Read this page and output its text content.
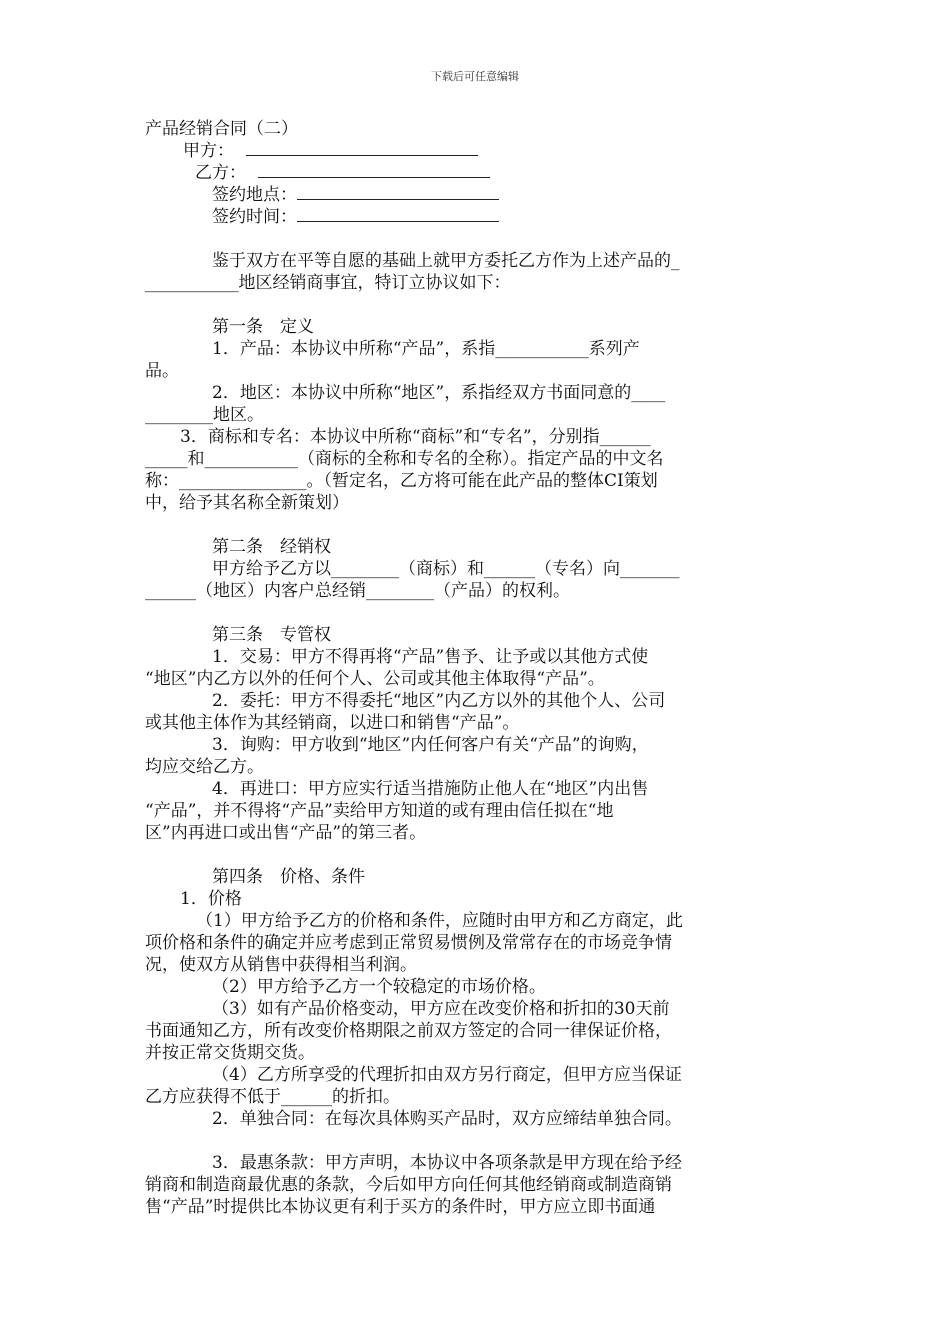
下载后可任意编辑
产品经销合同（二）
甲方：
乙方：
签约地点：
签约时间：
鉴于双方在平等自愿的基础上就甲方委托乙方作为上述产品的_
___________地区经销商事宜，特订立协议如下：
第一条　定义
1．产品：本协议中所称“产品”，系指___________系列产
品。
2．地区：本协议中所称“地区”，系指经双方书面同意的____
________地区。
3．商标和专名：本协议中所称“商标”和“专名”，分别指______
_____和___________（商标的全称和专名的全称）。指定产品的中文名
称：_______________。（暂定名，乙方将可能在此产品的整体CI策划
中，给予其名称全新策划）
第二条　经销权
甲方给予乙方以________（商标）和______（专名）向_______
______（地区）内客户总经销________（产品）的权利。
第三条　专管权
1．交易：甲方不得再将“产品”售予、让予或以其他方式使
“地区”内乙方以外的任何个人、公司或其他主体取得“产品”。
2．委托：甲方不得委托“地区”内乙方以外的其他个人、公司
或其他主体作为其经销商，以进口和销售“产品”。
3．询购：甲方收到“地区”内任何客户有关“产品”的询购，
均应交给乙方。
4．再进口：甲方应实行适当措施防止他人在“地区”内出售
“产品”，并不得将“产品”卖给甲方知道的或有理由信任拟在“地
区”内再进口或出售“产品”的第三者。
第四条　价格、条件
1．价格
（1）甲方给予乙方的价格和条件，应随时由甲方和乙方商定，此
项价格和条件的确定并应考虑到正常贸易惯例及常常存在的市场竞争情
况，使双方从销售中获得相当利润。
（2）甲方给予乙方一个较稳定的市场价格。
（3）如有产品价格变动，甲方应在改变价格和折扣的30天前
书面通知乙方，所有改变价格期限之前双方签定的合同一律保证价格，
并按正常交货期交货。
（4）乙方所享受的代理折扣由双方另行商定，但甲方应当保证
乙方应获得不低于______的折扣。
2．单独合同：在每次具体购买产品时，双方应缔结单独合同。
3．最惠条款：甲方声明，本协议中各项条款是甲方现在给予经
销商和制造商最优惠的条款，今后如甲方向任何其他经销商或制造商销
售“产品”时提供比本协议更有利于买方的条件时，甲方应立即书面通
